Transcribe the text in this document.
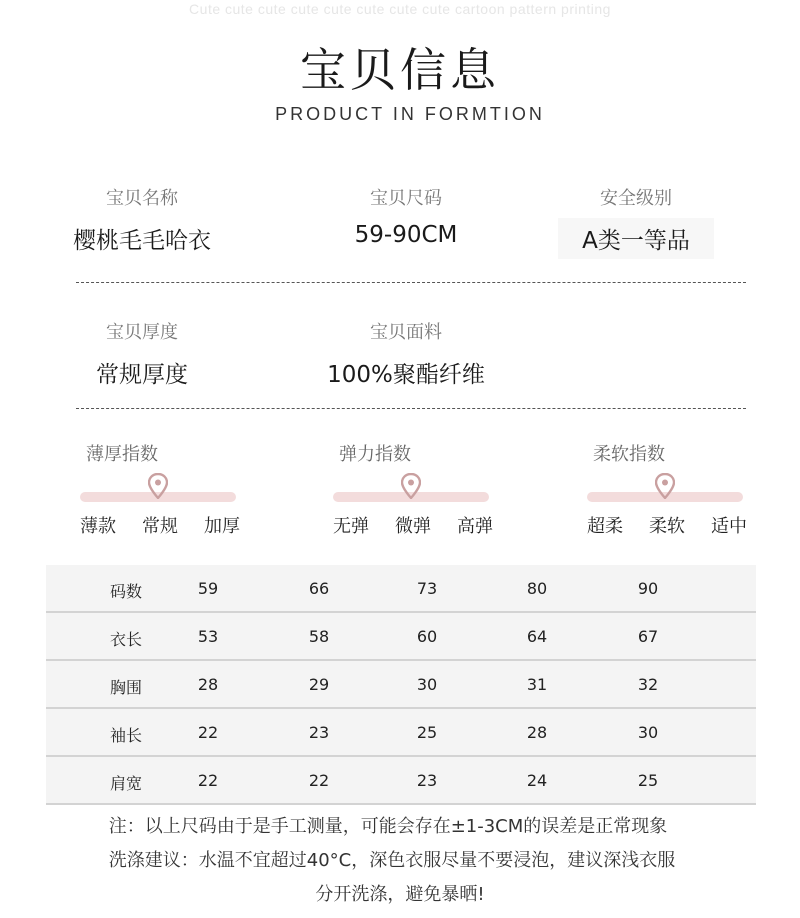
Cute cute cute cute cute cute cute cute cartoon pattern printing
宝贝信息
PRODUCT IN FORMTION
宝贝名称
樱桃毛毛哈衣
宝贝尺码
59-90CM
安全级别
A类一等品
宝贝厚度
常规厚度
宝贝面料
100%聚酯纤维
薄厚指数
薄款 常规 加厚
弹力指数
无弹 微弹 高弹
柔软指数
超柔 柔软 适中
码数	59	66	73	80	90
衣长	53	58	60	64	67
胸围	28	29	30	31	32
袖长	22	23	25	28	30
肩宽	22	22	23	24	25
注：以上尺码由于是手工测量，可能会存在±1-3CM的误差是正常现象
洗涤建议：水温不宜超过40°C，深色衣服尽量不要浸泡，建议深浅衣服
分开洗涤，避免暴晒!
